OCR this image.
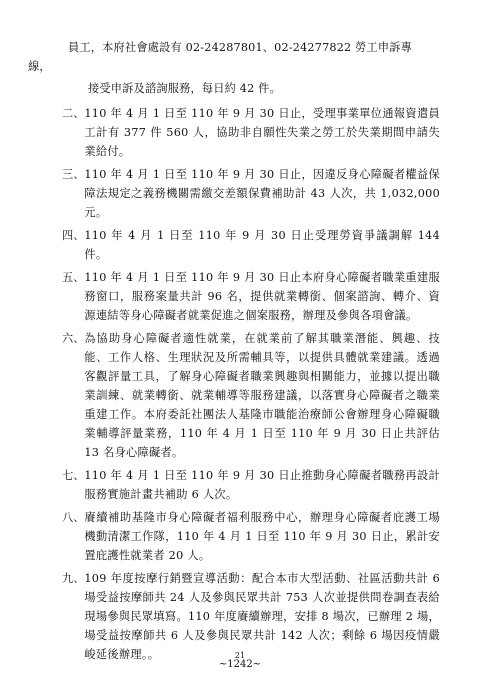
員工，本府社會處設有 02-24287801、02-24277822 勞工申訴專
線，
接受申訴及諮詢服務，每日約 42 件。
二、 110 年 4 月 1 日至 110 年 9 月 30 日止，受理事業單位通報資遣員工計有 377 件 560 人，協助非自願性失業之勞工於失業期間申請失業給付。
三、 110 年 4 月 1 日至 110 年 9 月 30 日止，因違反身心障礙者權益保障法規定之義務機關需繳交差額保費補助計 43 人次，共 1,032,000 元。
四、 110 年 4 月 1 日至 110 年 9 月 30 日止受理勞資爭議調解 144 件。
五、 110 年 4 月 1 日至 110 年 9 月 30 日止本府身心障礙者職業重建服務窗口，服務案量共計 96 名，提供就業轉銜、個案諮詢、轉介、資源連結等身心障礙者就業促進之個案服務，辦理及參與各項會議。
六、 為協助身心障礙者適性就業，在就業前了解其職業潛能、興趣、技能、工作人格、生理狀況及所需輔具等，以提供具體就業建議。透過客觀評量工具，了解身心障礙者職業興趣與相關能力，並據以提出職業訓練、就業轉銜、就業輔導等服務建議，以落實身心障礙者之職業重建工作。本府委託社團法人基隆市職能治療師公會辦理身心障礙職業輔導評量業務，110 年 4 月 1 日至 110 年 9 月 30 日止共評估 13 名身心障礙者。
七、 110 年 4 月 1 日至 110 年 9 月 30 日止推動身心障礙者職務再設計服務實施計畫共補助 6 人次。
八、 賡續補助基隆市身心障礙者福利服務中心，辦理身心障礙者庇護工場機動清潔工作隊，110 年 4 月 1 日至 110 年 9 月 30 日止，累計安置庇護性就業者 20 人。
九、 109 年度按摩行銷暨宣導活動：配合本市大型活動、社區活動共計 6 場受益按摩師共 24 人及參與民眾共計 753 人次並提供問卷調查表給現場參與民眾填寫。110 年度賡續辦理，安排 8 場次，已辦理 2 場，場受益按摩師共 6 人及參與民眾共計 142 人次；剩餘 6 場因疫情嚴峻延後辦理。。	21
~1242~
